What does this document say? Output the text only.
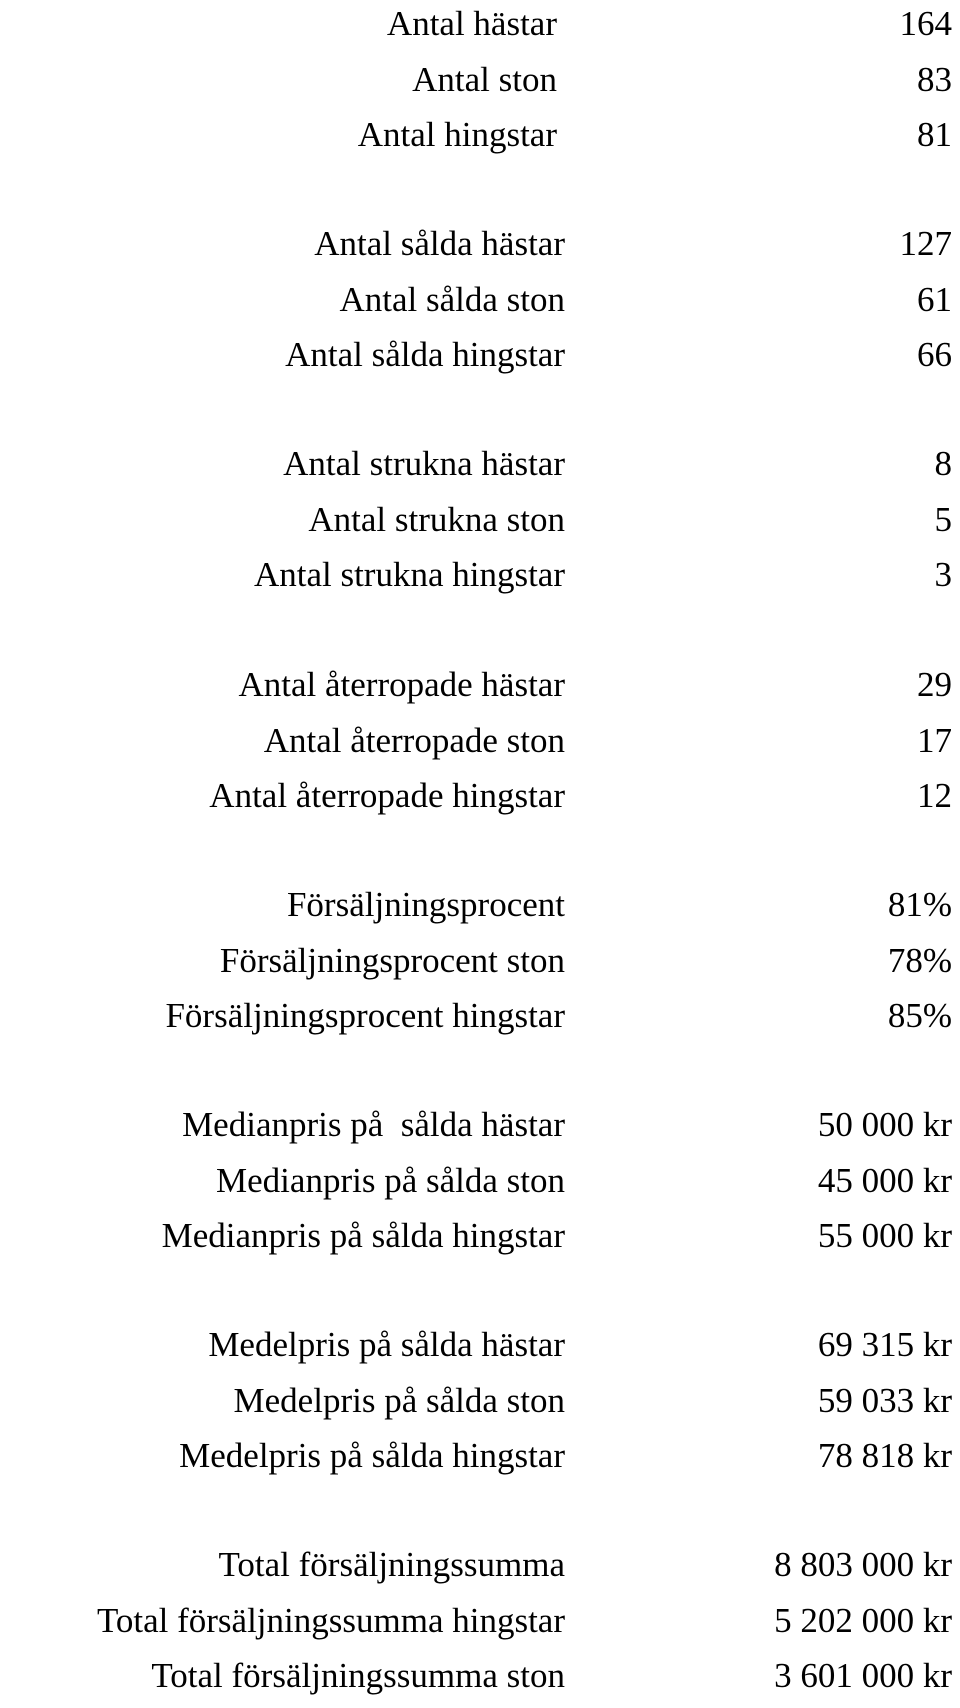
Antal hästar	164
Antal ston	83
Antal hingstar	81
Antal sålda hästar	127
Antal sålda ston	61
Antal sålda hingstar	66
Antal strukna hästar	8
Antal strukna ston	5
Antal strukna hingstar	3
Antal återropade hästar	29
Antal återropade ston	17
Antal återropade hingstar	12
Försäljningsprocent	81%
Försäljningsprocent ston	78%
Försäljningsprocent hingstar	85%
Medianpris på  sålda hästar	50 000 kr
Medianpris på sålda ston	45 000 kr
Medianpris på sålda hingstar	55 000 kr
Medelpris på sålda hästar	69 315 kr
Medelpris på sålda ston	59 033 kr
Medelpris på sålda hingstar	78 818 kr
Total försäljningssumma	8 803 000 kr
Total försäljningssumma hingstar	5 202 000 kr
Total försäljningssumma ston	3 601 000 kr
